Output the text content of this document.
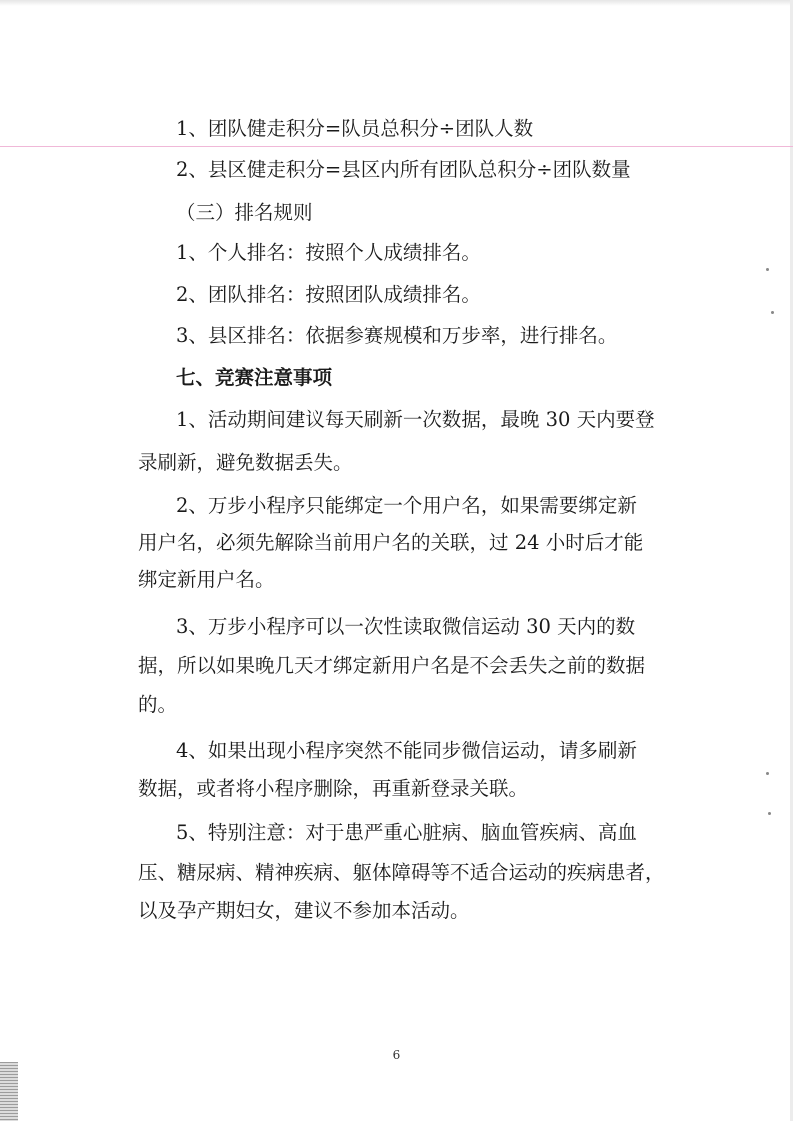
1、团队健走积分=队员总积分÷团队人数
2、县区健走积分=县区内所有团队总积分÷团队数量
（三）排名规则
1、个人排名：按照个人成绩排名。
2、团队排名：按照团队成绩排名。
3、县区排名：依据参赛规模和万步率，进行排名。
七、竞赛注意事项
1、活动期间建议每天刷新一次数据，最晚 30 天内要登
录刷新，避免数据丢失。
2、万步小程序只能绑定一个用户名，如果需要绑定新
用户名，必须先解除当前用户名的关联，过 24 小时后才能
绑定新用户名。
3、万步小程序可以一次性读取微信运动 30 天内的数
据，所以如果晚几天才绑定新用户名是不会丢失之前的数据
的。
4、如果出现小程序突然不能同步微信运动，请多刷新
数据，或者将小程序删除，再重新登录关联。
5、特别注意：对于患严重心脏病、脑血管疾病、高血
压、糖尿病、精神疾病、躯体障碍等不适合运动的疾病患者，
以及孕产期妇女，建议不参加本活动。
6
